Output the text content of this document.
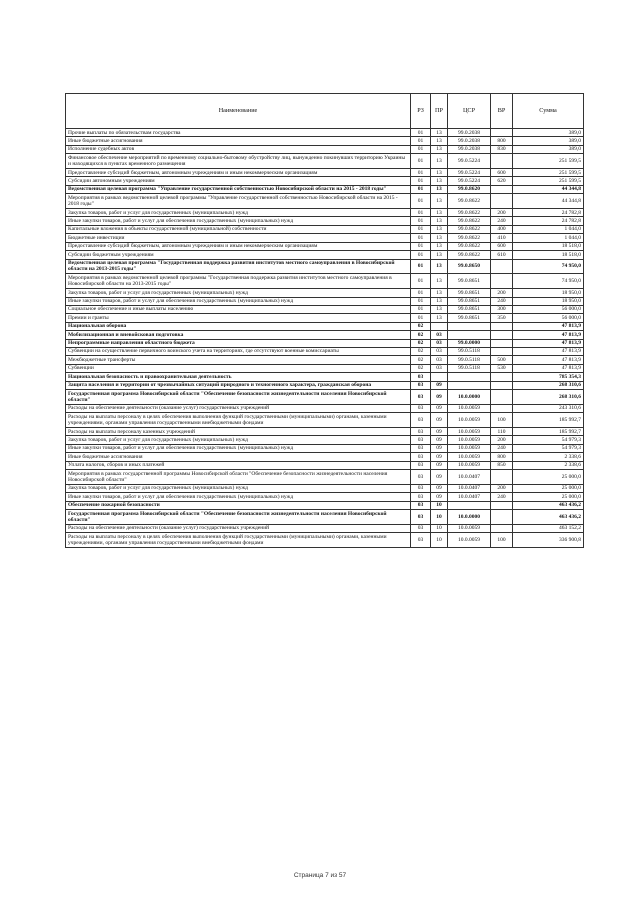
Наименование	РЗ	ПР	ЦСР	ВР	Сумма
Прочие выплаты по обязательствам государства	01	13	99.0.2038		389,0
Иные бюджетные ассигнования	01	13	99.0.2038	800	389,0
Исполнение судебных актов	01	13	99.0.2038	830	389,0
Финансовое обеспечение мероприятий по временному социально-бытовому обустройству лиц, вынужденно покинувших территорию Украины и находящихся в пунктах временного размещения	01	13	99.0.5224		251 599,5
Предоставление субсидий бюджетным, автономным учреждениям и иным некоммерческим организациям	01	13	99.0.5224	600	251 599,5
Субсидии автономным учреждениям	01	13	99.0.5224	620	251 599,5
Ведомственная целевая программа "Управление государственной собственностью Новосибирской области на 2015 - 2018 годы"	01	13	99.0.8620		44 344,8
Мероприятия в рамках ведомственной целевой программы "Управление государственной собственностью Новосибирской области на 2015 - 2018 годы"	01	13	99.0.8622		44 344,8
Закупка товаров, работ и услуг для государственных (муниципальных) нужд	01	13	99.0.8622	200	24 782,8
Иные закупки товаров, работ и услуг для обеспечения государственных (муниципальных) нужд	01	13	99.0.8622	240	24 782,8
Капитальные вложения в объекты государственной (муниципальной) собственности	01	13	99.0.8622	400	1 044,0
Бюджетные инвестиции	01	13	99.0.8622	410	1 044,0
Предоставление субсидий бюджетным, автономным учреждениям и иным некоммерческим организациям	01	13	99.0.8622	600	18 518,0
Субсидии бюджетным учреждениям	01	13	99.0.8622	610	18 518,0
Ведомственная целевая программа "Государственная поддержка развития институтов местного самоуправления в Новосибирской области на 2013-2015 годы"	01	13	99.0.8650		74 950,0
Мероприятия в рамках ведомственной целевой программы "Государственная поддержка развития институтов местного самоуправления в Новосибирской области на 2013-2015 годы"	01	13	99.0.8651		74 950,0
Закупка товаров, работ и услуг для государственных (муниципальных) нужд	01	13	99.0.8651	200	18 950,0
Иные закупки товаров, работ и услуг для обеспечения государственных (муниципальных) нужд	01	13	99.0.8651	240	18 950,0
Социальное обеспечение и иные выплаты населению	01	13	99.0.8651	300	56 000,0
Премии и гранты	01	13	99.0.8651	350	56 000,0
Национальная оборона	02				47 813,9
Мобилизационная и вневойсковая подготовка	02	03			47 813,9
Непрограммные направления областного бюджета	02	03	99.0.0000		47 813,9
Субвенции на осуществление первичного воинского учета на территориях, где отсутствуют военные комиссариаты	02	03	99.0.5118		47 813,9
Межбюджетные трансферты	02	03	99.0.5118	500	47 813,9
Субвенции	02	03	99.0.5118	530	47 813,9
Национальная безопасность и правоохранительная деятельность	03				785 354,3
Защита населения и территории от чрезвычайных ситуаций природного и техногенного характера, гражданская оборона	03	09			268 310,6
Государственная программа Новосибирской области "Обеспечение безопасности жизнедеятельности населения Новосибирской области"	03	09	10.0.0000		268 310,6
Расходы на обеспечение деятельности (оказание услуг) государственных учреждений	03	09	10.0.0059		243 310,6
Расходы на выплаты персоналу в целях обеспечения выполнения функций государственными (муниципальными) органами, казенными учреждениями, органами управления государственными внебюджетными фондами	03	09	10.0.0059	100	185 992,7
Расходы на выплаты персоналу казенных учреждений	03	09	10.0.0059	110	185 992,7
Закупка товаров, работ и услуг для государственных (муниципальных) нужд	03	09	10.0.0059	200	54 979,3
Иные закупки товаров, работ и услуг для обеспечения государственных (муниципальных) нужд	03	09	10.0.0059	240	54 979,3
Иные бюджетные ассигнования	03	09	10.0.0059	800	2 338,6
Уплата налогов, сборов и иных платежей	03	09	10.0.0059	850	2 338,6
Мероприятия в рамках государственной программы Новосибирской области "Обеспечение безопасности жизнедеятельности населения Новосибирской области"	03	09	10.0.0407		25 000,0
Закупка товаров, работ и услуг для государственных (муниципальных) нужд	03	09	10.0.0407	200	25 000,0
Иные закупки товаров, работ и услуг для обеспечения государственных (муниципальных) нужд	03	09	10.0.0407	240	25 000,0
Обеспечение пожарной безопасности	03	10			463 436,2
Государственная программа Новосибирской области "Обеспечение безопасности жизнедеятельности населения Новосибирской области"	03	10	10.0.0000		463 436,2
Расходы на обеспечение деятельности (оказание услуг) государственных учреждений	03	10	10.0.0059		463 152,2
Расходы на выплаты персоналу в целях обеспечения выполнения функций государственными (муниципальными) органами, казенными учреждениями, органами управления государственными внебюджетными фондами	03	10	10.0.0059	100	336 900,8
Страница 7 из 57
